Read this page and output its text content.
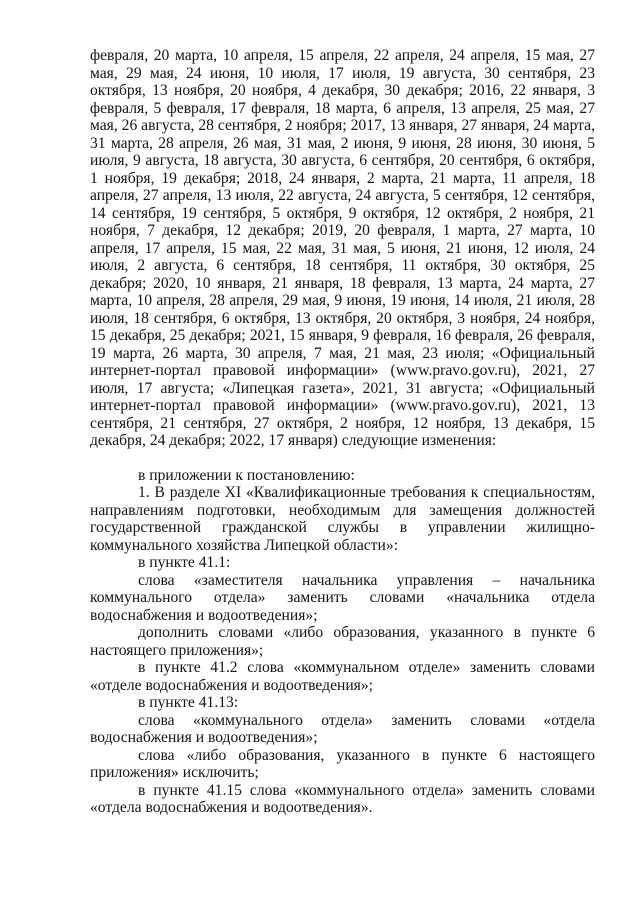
февраля, 20 марта, 10 апреля, 15 апреля, 22 апреля, 24 апреля, 15 мая, 27 мая, 29 мая, 24 июня, 10 июля, 17 июля, 19 августа, 30 сентября, 23 октября, 13 ноября, 20 ноября, 4 декабря, 30 декабря; 2016, 22 января, 3 февраля, 5 февраля, 17 февраля, 18 марта, 6 апреля, 13 апреля, 25 мая, 27 мая, 26 августа, 28 сентября, 2 ноября; 2017, 13 января, 27 января, 24 марта, 31 марта, 28 апреля, 26 мая, 31 мая, 2 июня, 9 июня, 28 июня, 30 июня, 5 июля, 9 августа, 18 августа, 30 августа, 6 сентября, 20 сентября, 6 октября, 1 ноября, 19 декабря; 2018, 24 января, 2 марта, 21 марта, 11 апреля, 18 апреля, 27 апреля, 13 июля, 22 августа, 24 августа, 5 сентября, 12 сентября, 14 сентября, 19 сентября, 5 октября, 9 октября, 12 октября, 2 ноября, 21 ноября, 7 декабря, 12 декабря; 2019, 20 февраля, 1 марта, 27 марта, 10 апреля, 17 апреля, 15 мая, 22 мая, 31 мая, 5 июня, 21 июня, 12 июля, 24 июля, 2 августа, 6 сентября, 18 сентября, 11 октября, 30 октября, 25 декабря; 2020, 10 января, 21 января, 18 февраля, 13 марта, 24 марта, 27 марта, 10 апреля, 28 апреля, 29 мая, 9 июня, 19 июня, 14 июля, 21 июля, 28 июля, 18 сентября, 6 октября, 13 октября, 20 октября, 3 ноября, 24 ноября, 15 декабря, 25 декабря; 2021, 15 января, 9 февраля, 16 февраля, 26 февраля, 19 марта, 26 марта, 30 апреля, 7 мая, 21 мая, 23 июля; «Официальный интернет-портал правовой информации» (www.pravo.gov.ru), 2021, 27 июля, 17 августа; «Липецкая газета», 2021, 31 августа; «Официальный интернет-портал правовой информации» (www.pravo.gov.ru), 2021, 13 сентября, 21 сентября, 27 октября, 2 ноября, 12 ноября, 13 декабря, 15 декабря, 24 декабря; 2022, 17 января) следующие изменения:

в приложении к постановлению:

1. В разделе XI «Квалификационные требования к специальностям, направлениям подготовки, необходимым для замещения должностей государственной гражданской службы в управлении жилищно-коммунального хозяйства Липецкой области»:

в пункте 41.1:

слова «заместителя начальника управления – начальника коммунального отдела» заменить словами «начальника отдела водоснабжения и водоотведения»;

дополнить словами «либо образования, указанного в пункте 6 настоящего приложения»;

в пункте 41.2 слова «коммунальном отделе» заменить словами «отделе водоснабжения и водоотведения»;

в пункте 41.13:

слова «коммунального отдела» заменить словами «отдела водоснабжения и водоотведения»;

слова «либо образования, указанного в пункте 6 настоящего приложения» исключить;

в пункте 41.15 слова «коммунального отдела» заменить словами «отдела водоснабжения и водоотведения».
